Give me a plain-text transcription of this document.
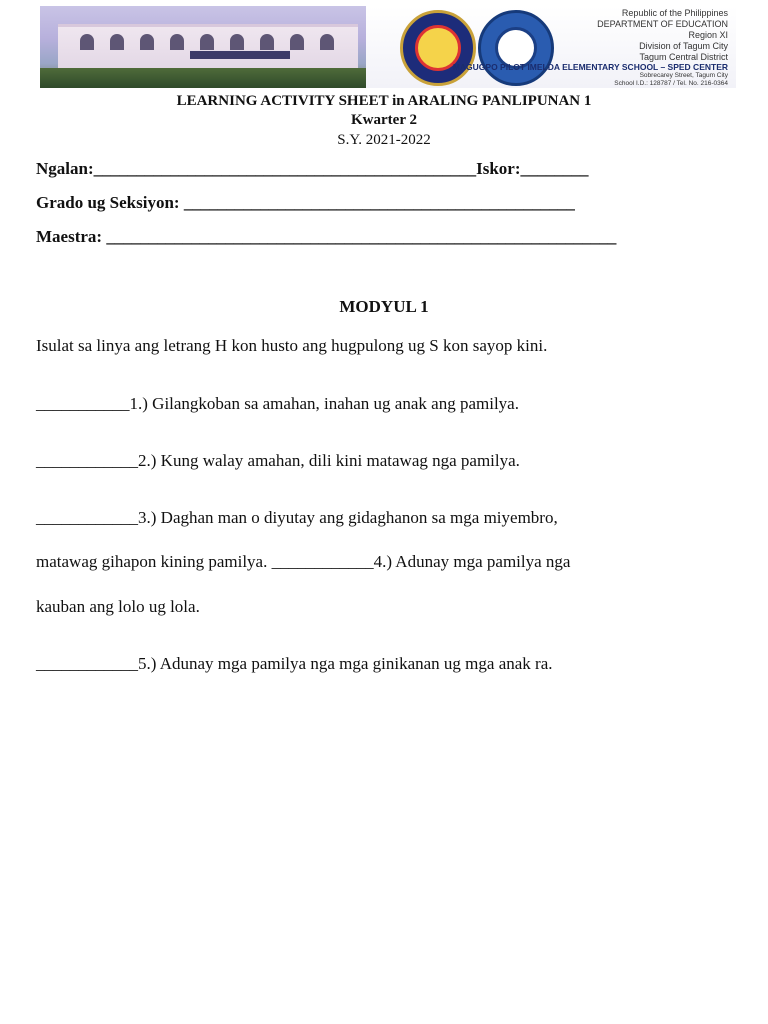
Republic of the Philippines
DEPARTMENT OF EDUCATION
Region XI
Division of Tagum City
Tagum Central District
MAGUGPO PILOT IMELDA ELEMENTARY SCHOOL – SPED CENTER
Sobrecarey Street, Tagum City
School I.D.: 128787 / Tel. No. 216-0364
LEARNING ACTIVITY SHEET in ARALING PANLIPUNAN 1
Kwarter 2
S.Y. 2021-2022
Ngalan:_____________________________________________Iskor:________
Grado ug Seksiyon: ______________________________________________
Maestra: ____________________________________________________________
MODYUL 1
Isulat sa linya ang letrang H kon husto ang hugpulong ug S kon sayop kini.
___________1.) Gilangkoban sa amahan, inahan ug anak ang pamilya.
____________2.) Kung walay amahan, dili kini matawag nga pamilya.
____________3.) Daghan man o diyutay ang gidaghanon sa mga miyembro,
matawag gihapon kining pamilya. ____________4.) Adunay mga pamilya nga
kauban ang lolo ug lola.
____________5.) Adunay mga pamilya nga mga ginikanan ug mga anak ra.
